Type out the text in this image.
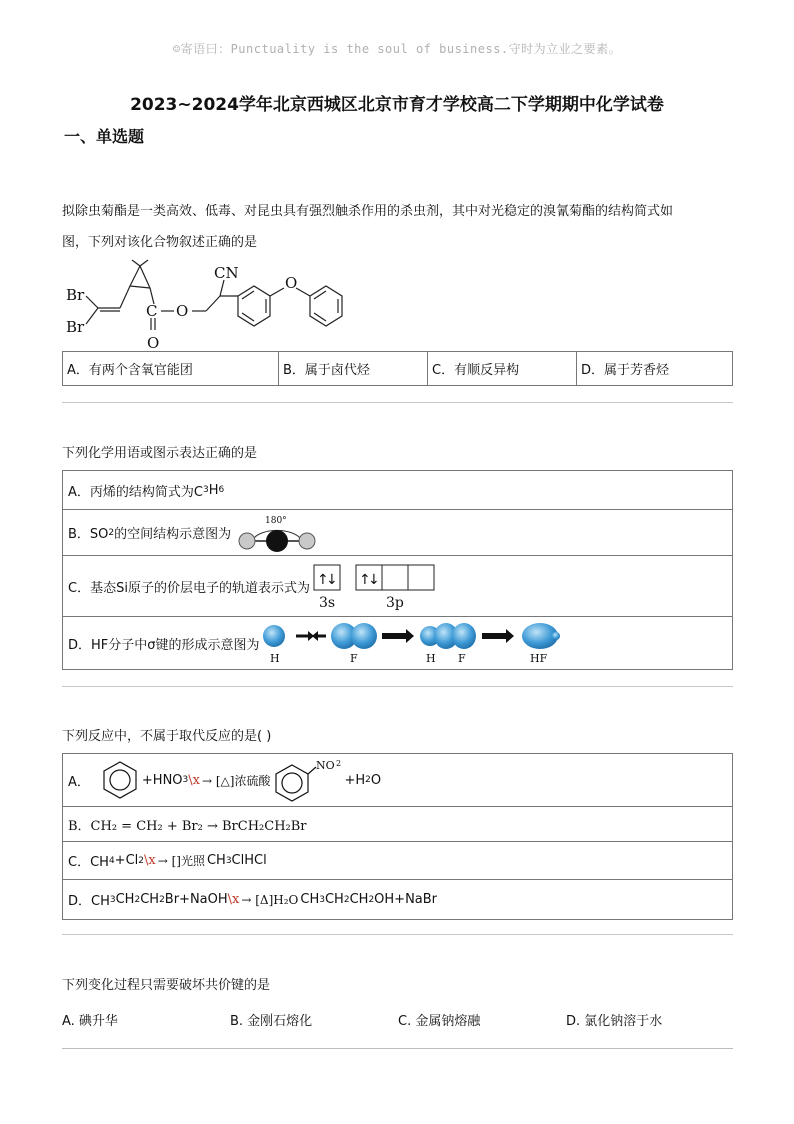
☺寄语曰：Punctuality is the soul of business.守时为立业之要素。
2023~2024学年北京西城区北京市育才学校高二下学期期中化学试卷
一、单选题
拟除虫菊酯是一类高效、低毒、对昆虫具有强烈触杀作用的杀虫剂，其中对光稳定的溴氰菊酯的结构简式如
图，下列对该化合物叙述正确的是
Br
Br
C O
O
CN
O
A．有两个含氧官能团	B．属于卤代烃	C．有顺反异构	D．属于芳香烃
下列化学用语或图示表达正确的是
A．丙烯的结构简式为C 3 H 6
B．SO 2 的空间结构示意图为
180°
C．基态Si原子的价层电子的轨道表示式为 ↑
↓ ↑
↓
3s	3p
D．HF分子中σ键的形成示意图为
H	F	H F	HF
下列反应中，不属于取代反应的是( )
A．	+HNO 3 \x → [△]浓硫酸
NO 2
+H 2 O
B．CH₂ = CH₂ + Br₂ → BrCH₂CH₂Br
C．CH 4 +Cl 2 \x → []光照 CH 3 ClHCl
D．CH 3 CH 2 CH 2 Br+NaOH \x → [Δ]H₂O CH 3 CH 2 CH 2 OH+NaBr
下列变化过程只需要破坏共价键的是
A. 碘升华	B. 金刚石熔化	C. 金属钠熔融	D. 氯化钠溶于水
